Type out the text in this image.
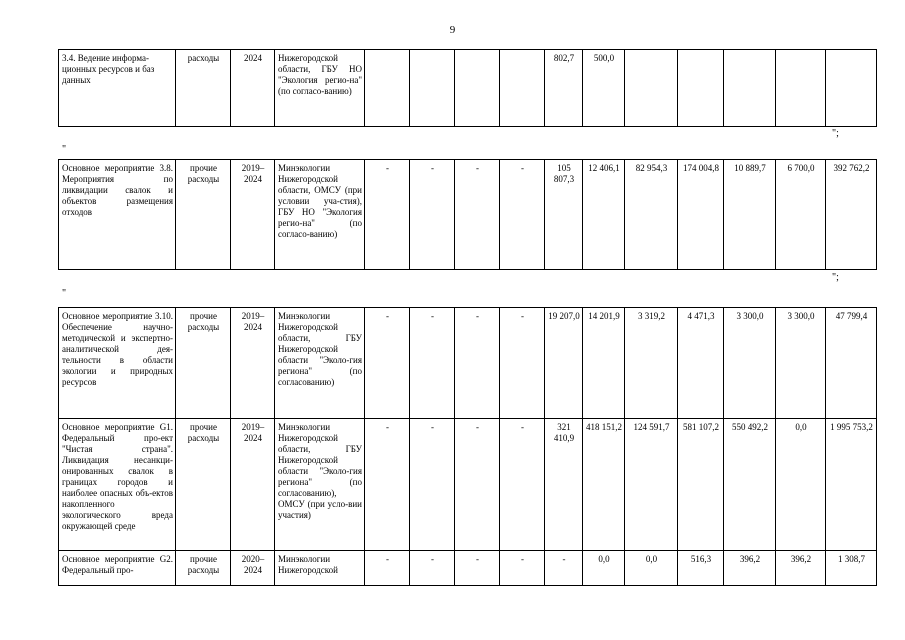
9
3.4. Ведение информа-ционных ресурсов и баз данных	расходы	2024	Нижегородской области, ГБУ НО "Экология регио-на" (по согласо-ванию)					802,7	500,0					
";
"
Основное мероприятие 3.8. Мероприятия по ликвидации свалок и объектов размещения отходов	прочие расходы	2019–2024	Минэкологии Нижегородской области, ОМСУ (при условии уча-стия), ГБУ НО "Экология регио-на" (по согласо-ванию)	-	-	-	-	105 807,3	12 406,1	82 954,3	174 004,8	10 889,7	6 700,0	392 762,2
";
"
Основное мероприятие 3.10. Обеспечение научно-методической и экспертно-аналитической дея-тельности в области экологии и природных ресурсов	прочие расходы	2019–2024	Минэкологии Нижегородской области, ГБУ Нижегородской области "Эколо-гия региона" (по согласованию)	-	-	-	-	19 207,0	14 201,9	3 319,2	4 471,3	3 300,0	3 300,0	47 799,4
Основное мероприятие G1. Федеральный про-ект "Чистая страна". Ликвидация несанкци-онированных свалок в границах городов и наиболее опасных объ-ектов накопленного экологического вреда окружающей среде	прочие расходы	2019–2024	Минэкологии Нижегородской области, ГБУ Нижегородской области "Эколо-гия региона" (по согласованию), ОМСУ (при усло-вии участия)	-	-	-	-	321 410,9	418 151,2	124 591,7	581 107,2	550 492,2	0,0	1 995 753,2
Основное мероприятие G2. Федеральный про-	прочие расходы	2020–2024	Минэкологии Нижегородской	-	-	-	-	-	0,0	0,0	516,3	396,2	396,2	1 308,7
